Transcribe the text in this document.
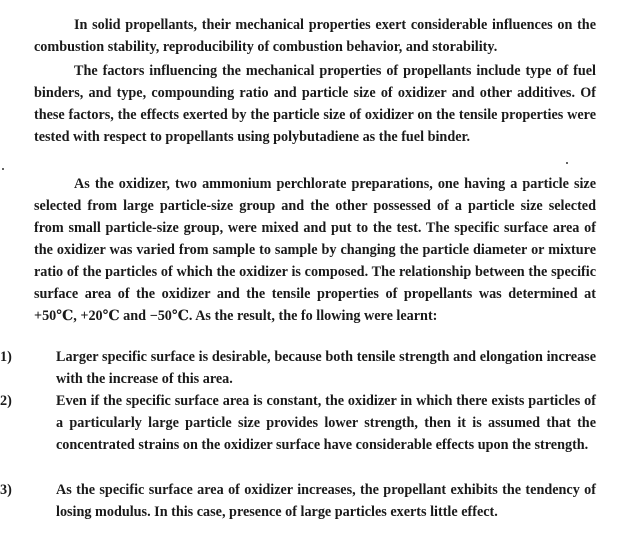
In solid propellants, their mechanical properties exert considerable influences on the combustion stability, reproducibility of combustion behavior, and storability.

The factors influencing the mechanical properties of propellants include type of fuel binders, and type, compounding ratio and particle size of oxidizer and other additives. Of these factors, the effects exerted by the particle size of oxidizer on the tensile properties were tested with respect to propellants using polybutadiene as the fuel binder.

As the oxidizer, two ammonium perchlorate preparations, one having a particle size selected from large particle-size group and the other possessed of a particle size selected from small particle-size group, were mixed and put to the test. The specific surface area of the oxidizer was varied from sample to sample by changing the particle diameter or mixture ratio of the particles of which the oxidizer is composed. The relationship between the specific surface area of the oxidizer and the tensile properties of propellants was determined at +50℃, +20℃ and −50℃. As the result, the fo llowing were learnt:

1)	Larger specific surface is desirable, because both tensile strength and elongation increase with the increase of this area.
2)	Even if the specific surface area is constant, the oxidizer in which there exists particles of a particularly large particle size provides lower strength, then it is assumed that the concentrated strains on the oxidizer surface have considerable effects upon the strength.
3)	As the specific surface area of oxidizer increases, the propellant exhibits the tendency of losing modulus. In this case, presence of large particles exerts little effect.
